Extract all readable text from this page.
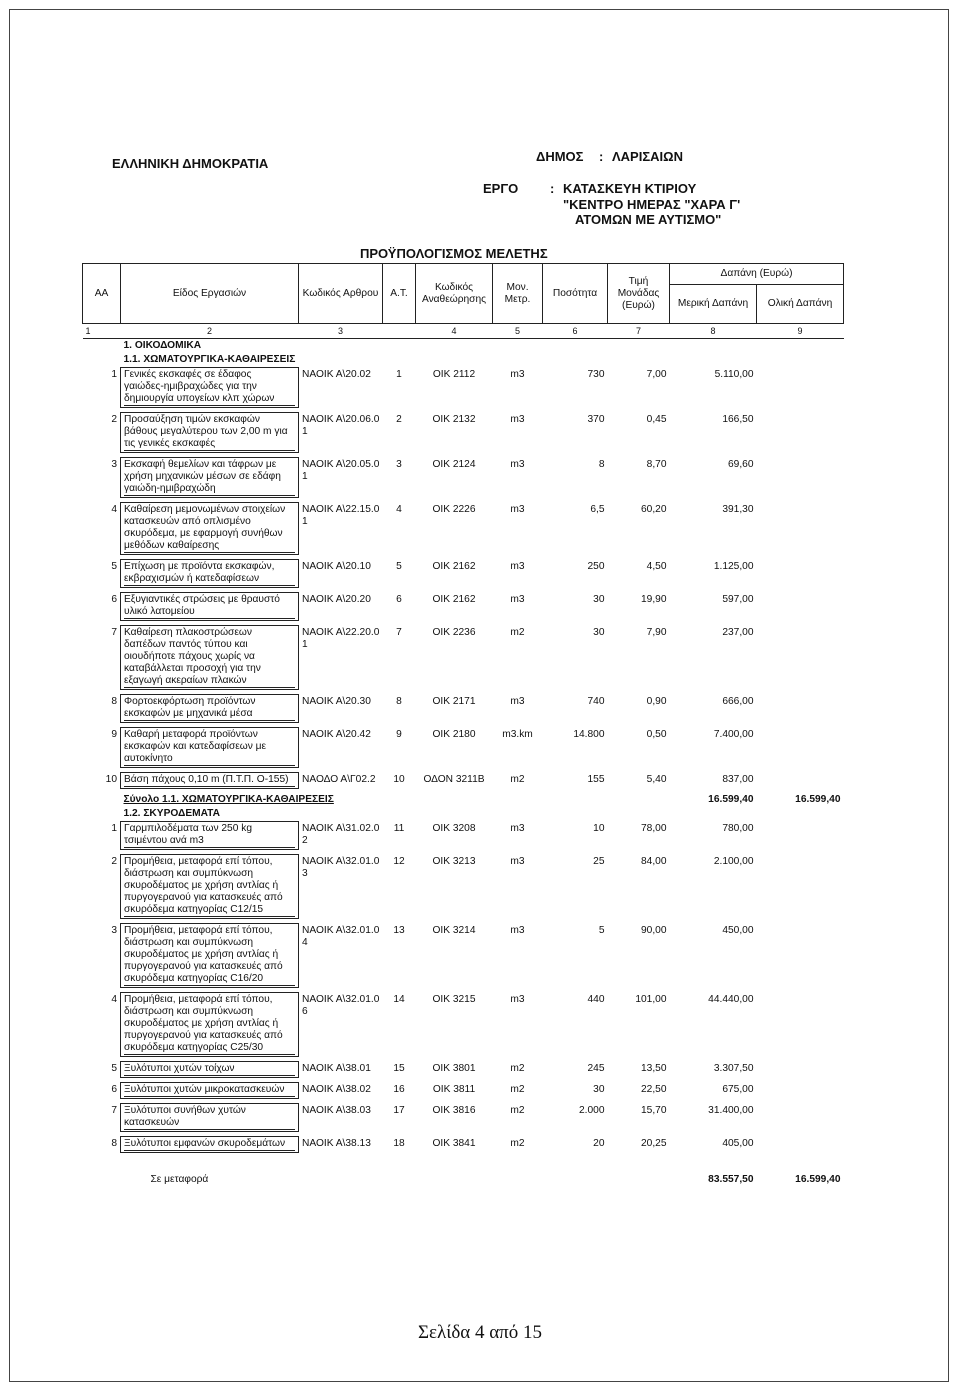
ΕΛΛΗΝΙΚΗ ΔΗΜΟΚΡΑΤΙΑ	ΔΗΜΟΣ : ΛΑΡΙΣΑΙΩΝ
ΕΡΓΟ : ΚΑΤΑΣΚΕΥΗ ΚΤΙΡΙΟΥ
"ΚΕΝΤΡΟ ΗΜΕΡΑΣ "ΧΑΡΑ Γ'
ΑΤΟΜΩΝ ΜΕ ΑΥΤΙΣΜΟ"
ΠΡΟΫΠΟΛΟΓΙΣΜΟΣ ΜΕΛΕΤΗΣ
AA	Είδος Εργασιών	Κωδικός Αρθρου	A.T.	Κωδικός Αναθεώρησης	Μον. Μετρ.	Ποσότητα	Τιμή Μονάδας (Ευρώ)	Δαπάνη (Ευρώ)	
								Μερική Δαπάνη	Ολική Δαπάνη
1	2	3		4	5	6	7	8	9
	1. ΟΙΚΟΔΟΜΙΚΑ								
	1.1. ΧΩΜΑΤΟΥΡΓΙΚΑ-ΚΑΘΑΙΡΕΣΕΙΣ								
1	Γενικές εκσκαφές σε έδαφος
γαιώδες-ημιβραχώδες για την
δημιουργία υπογείων κλπ χώρων	ΝΑΟΙΚ Α\20.02	1	ΟΙΚ 2112	m3	730	7,00	5.110,00	

2	Προσαύξηση τιμών εκσκαφών
βάθους μεγαλύτερου των 2,00 m για
τις γενικές εκσκαφές	ΝΑΟΙΚ Α\20.06.01	2	ΟΙΚ 2132	m3	370	0,45	166,50	

3	Εκσκαφή θεμελίων και τάφρων με
χρήση μηχανικών μέσων σε εδάφη
γαιώδη-ημιβραχώδη	ΝΑΟΙΚ Α\20.05.01	3	ΟΙΚ 2124	m3	8	8,70	69,60	

4	Καθαίρεση μεμονωμένων στοιχείων
κατασκευών από οπλισμένο
σκυρόδεμα, με εφαρμογή συνήθων
μεθόδων καθαίρεσης	ΝΑΟΙΚ Α\22.15.01	4	ΟΙΚ 2226	m3	6,5	60,20	391,30	

5	Επίχωση με προϊόντα εκσκαφών,
εκβραχισμών ή κατεδαφίσεων	ΝΑΟΙΚ Α\20.10	5	ΟΙΚ 2162	m3	250	4,50	1.125,00	

6	Εξυγιαντικές στρώσεις με θραυστό
υλικό λατομείου	ΝΑΟΙΚ Α\20.20	6	ΟΙΚ 2162	m3	30	19,90	597,00	

7	Καθαίρεση πλακοστρώσεων
δαπέδων παντός τύπου και
οιουδήποτε πάχους χωρίς να
καταβάλλεται προσοχή για την
εξαγωγή ακεραίων πλακών	ΝΑΟΙΚ Α\22.20.01	7	ΟΙΚ 2236	m2	30	7,90	237,00	

8	Φορτοεκφόρτωση προϊόντων
εκσκαφών με μηχανικά μέσα	ΝΑΟΙΚ Α\20.30	8	ΟΙΚ 2171	m3	740	0,90	666,00	

9	Καθαρή μεταφορά προϊόντων
εκσκαφών και κατεδαφίσεων με
αυτοκίνητο	ΝΑΟΙΚ Α\20.42	9	ΟΙΚ 2180	m3.km	14.800	0,50	7.400,00	

10	Βάση πάχους 0,10 m (Π.Τ.Π. Ο-155)	ΝΑΟΔΟ Α\Γ02.2	10	ΟΔΟΝ 3211Β	m2	155	5,40	837,00	

	Σύνολο 1.1. ΧΩΜΑΤΟΥΡΓΙΚΑ-ΚΑΘΑΙΡΕΣΕΙΣ							16.599,40	16.599,40
	1.2. ΣΚΥΡΟΔΕΜΑΤΑ								
1	Γαρμπιλοδέματα των 250 kg
τσιμέντου ανά m3	ΝΑΟΙΚ Α\31.02.02	11	ΟΙΚ 3208	m3	10	78,00	780,00	

2	Προμήθεια, μεταφορά επί τόπου,
διάστρωση και συμπύκνωση
σκυροδέματος με χρήση αντλίας ή
πυργογερανού για κατασκευές από
σκυρόδεμα κατηγορίας C12/15	ΝΑΟΙΚ Α\32.01.03	12	ΟΙΚ 3213	m3	25	84,00	2.100,00	

3	Προμήθεια, μεταφορά επί τόπου,
διάστρωση και συμπύκνωση
σκυροδέματος με χρήση αντλίας ή
πυργογερανού για κατασκευές από
σκυρόδεμα κατηγορίας C16/20	ΝΑΟΙΚ Α\32.01.04	13	ΟΙΚ 3214	m3	5	90,00	450,00	

4	Προμήθεια, μεταφορά επί τόπου,
διάστρωση και συμπύκνωση
σκυροδέματος με χρήση αντλίας ή
πυργογερανού για κατασκευές από
σκυρόδεμα κατηγορίας C25/30	ΝΑΟΙΚ Α\32.01.06	14	ΟΙΚ 3215	m3	440	101,00	44.440,00	

5	Ξυλότυποι χυτών τοίχων	ΝΑΟΙΚ Α\38.01	15	ΟΙΚ 3801	m2	245	13,50	3.307,50	

6	Ξυλότυποι χυτών μικροκατασκευών	ΝΑΟΙΚ Α\38.02	16	ΟΙΚ 3811	m2	30	22,50	675,00	

7	Ξυλότυποι συνήθων χυτών
κατασκευών	ΝΑΟΙΚ Α\38.03	17	ΟΙΚ 3816	m2	2.000	15,70	31.400,00	

8	Ξυλότυποι εμφανών σκυροδεμάτων	ΝΑΟΙΚ Α\38.13	18	ΟΙΚ 3841	m2	20	20,25	405,00	

	Σε μεταφορά							83.557,50	16.599,40
Σελίδα 4 από 15
